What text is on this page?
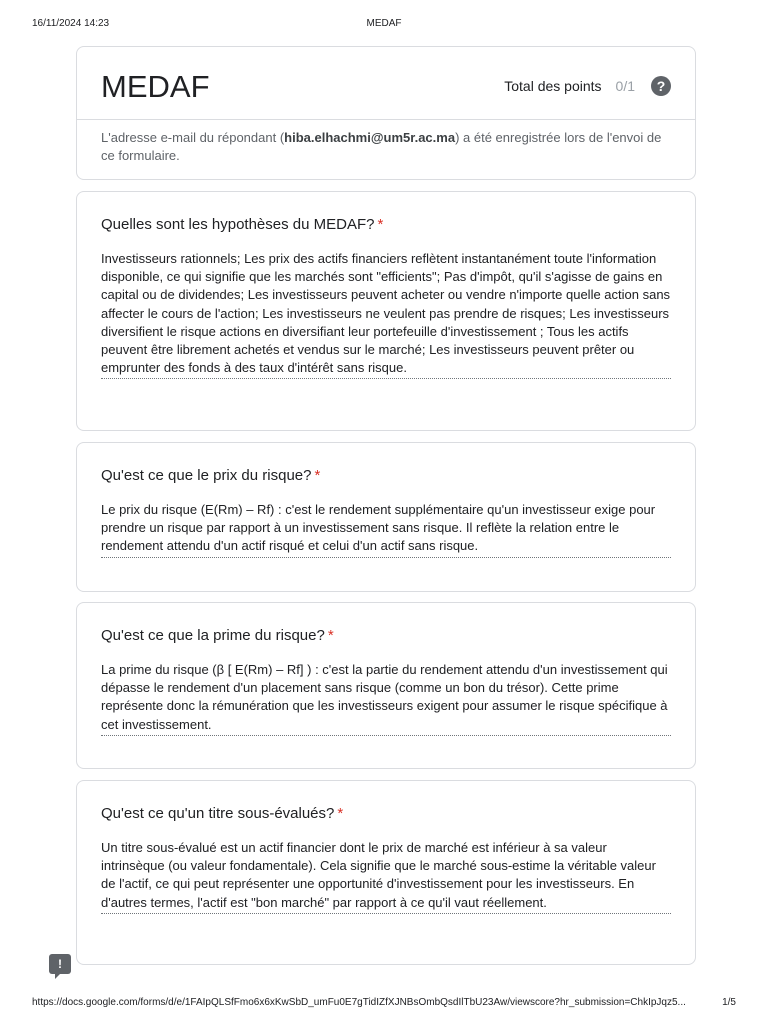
16/11/2024 14:23	MEDAF
MEDAF	Total des points 0/1	?

L'adresse e-mail du répondant (hiba.elhachmi@um5r.ac.ma) a été enregistrée lors de l'envoi de ce formulaire.

Quelles sont les hypothèses du MEDAF? *
Investisseurs rationnels; Les prix des actifs financiers reflètent instantanément toute l'information disponible, ce qui signifie que les marchés sont "efficients"; Pas d'impôt, qu'il s'agisse de gains en capital ou de dividendes; Les investisseurs peuvent acheter ou vendre n'importe quelle action sans affecter le cours de l'action; Les investisseurs ne veulent pas prendre de risques; Les investisseurs diversifient le risque actions en diversifiant leur portefeuille d'investissement ; Tous les actifs peuvent être librement achetés et vendus sur le marché; Les investisseurs peuvent prêter ou emprunter des fonds à des taux d'intérêt sans risque.
Qu'est ce que le prix du risque? *
Le prix du risque (E(Rm) – Rf) : c'est le rendement supplémentaire qu'un investisseur exige pour prendre un risque par rapport à un investissement sans risque. Il reflète la relation entre le rendement attendu d'un actif risqué et celui d'un actif sans risque.
Qu'est ce que la prime du risque? *
La prime du risque (β [ E(Rm) – Rf] ) : c'est la partie du rendement attendu d'un investissement qui dépasse le rendement d'un placement sans risque (comme un bon du trésor). Cette prime représente donc la rémunération que les investisseurs exigent pour assumer le risque spécifique à cet investissement.
Qu'est ce qu'un titre sous-évalués? *
Un titre sous-évalué est un actif financier dont le prix de marché est inférieur à sa valeur intrinsèque (ou valeur fondamentale). Cela signifie que le marché sous-estime la véritable valeur de l'actif, ce qui peut représenter une opportunité d'investissement pour les investisseurs. En d'autres termes, l'actif est "bon marché" par rapport à ce qu'il vaut réellement.
!
https://docs.google.com/forms/d/e/1FAIpQLSfFmo6x6xKwSbD_umFu0E7gTidIZfXJNBsOmbQsdIlTbU23Aw/viewscore?hr_submission=ChkIpJqz5...	1/5
